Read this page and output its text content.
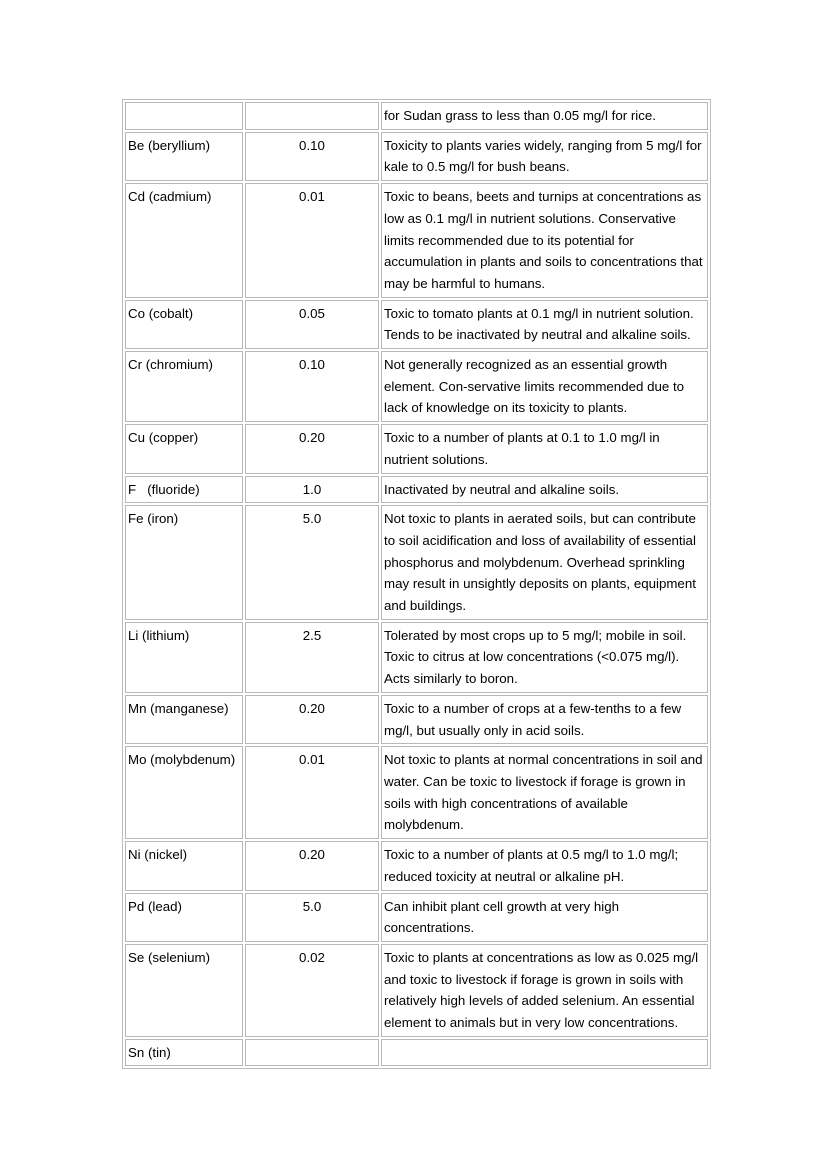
		for Sudan grass to less than 0.05 mg/l for rice.

Be (beryllium)	0.10	Toxicity to plants varies widely, ranging from 5 mg/l for kale to 0.5 mg/l for bush beans.

Cd (cadmium)	0.01	Toxic to beans, beets and turnips at concentrations as low as 0.1 mg/l in nutrient solutions. Conservative limits recommended due to its potential for accumulation in plants and soils to concentrations that may be harmful to humans.

Co (cobalt)	0.05	Toxic to tomato plants at 0.1 mg/l in nutrient solution. Tends to be inactivated by neutral and alkaline soils.

Cr (chromium)	0.10	Not generally recognized as an essential growth element. Con-servative limits recommended due to lack of knowledge on its toxicity to plants.

Cu (copper)	0.20	Toxic to a number of plants at 0.1 to 1.0 mg/l in nutrient solutions.

F   (fluoride)	1.0	Inactivated by neutral and alkaline soils.

Fe (iron)	5.0	Not toxic to plants in aerated soils, but can contribute to soil acidification and loss of availability of essential phosphorus and molybdenum. Overhead sprinkling may result in unsightly deposits on plants, equipment and buildings.

Li (lithium)	2.5	Tolerated by most crops up to 5 mg/l; mobile in soil. Toxic to citrus at low concentrations (<0.075 mg/l). Acts similarly to boron.

Mn (manganese)	0.20	Toxic to a number of crops at a few-tenths to a few mg/l, but usually only in acid soils.

Mo (molybdenum)	0.01	Not toxic to plants at normal concentrations in soil and water. Can be toxic to livestock if forage is grown in soils with high concentrations of available molybdenum.

Ni (nickel)	0.20	Toxic to a number of plants at 0.5 mg/l to 1.0 mg/l; reduced toxicity at neutral or alkaline pH.

Pd (lead)	5.0	Can inhibit plant cell growth at very high concentrations.

Se (selenium)	0.02	Toxic to plants at concentrations as low as 0.025 mg/l and toxic to livestock if forage is grown in soils with relatively high levels of added selenium. An essential element to animals but in very low concentrations.

Sn (tin)		
